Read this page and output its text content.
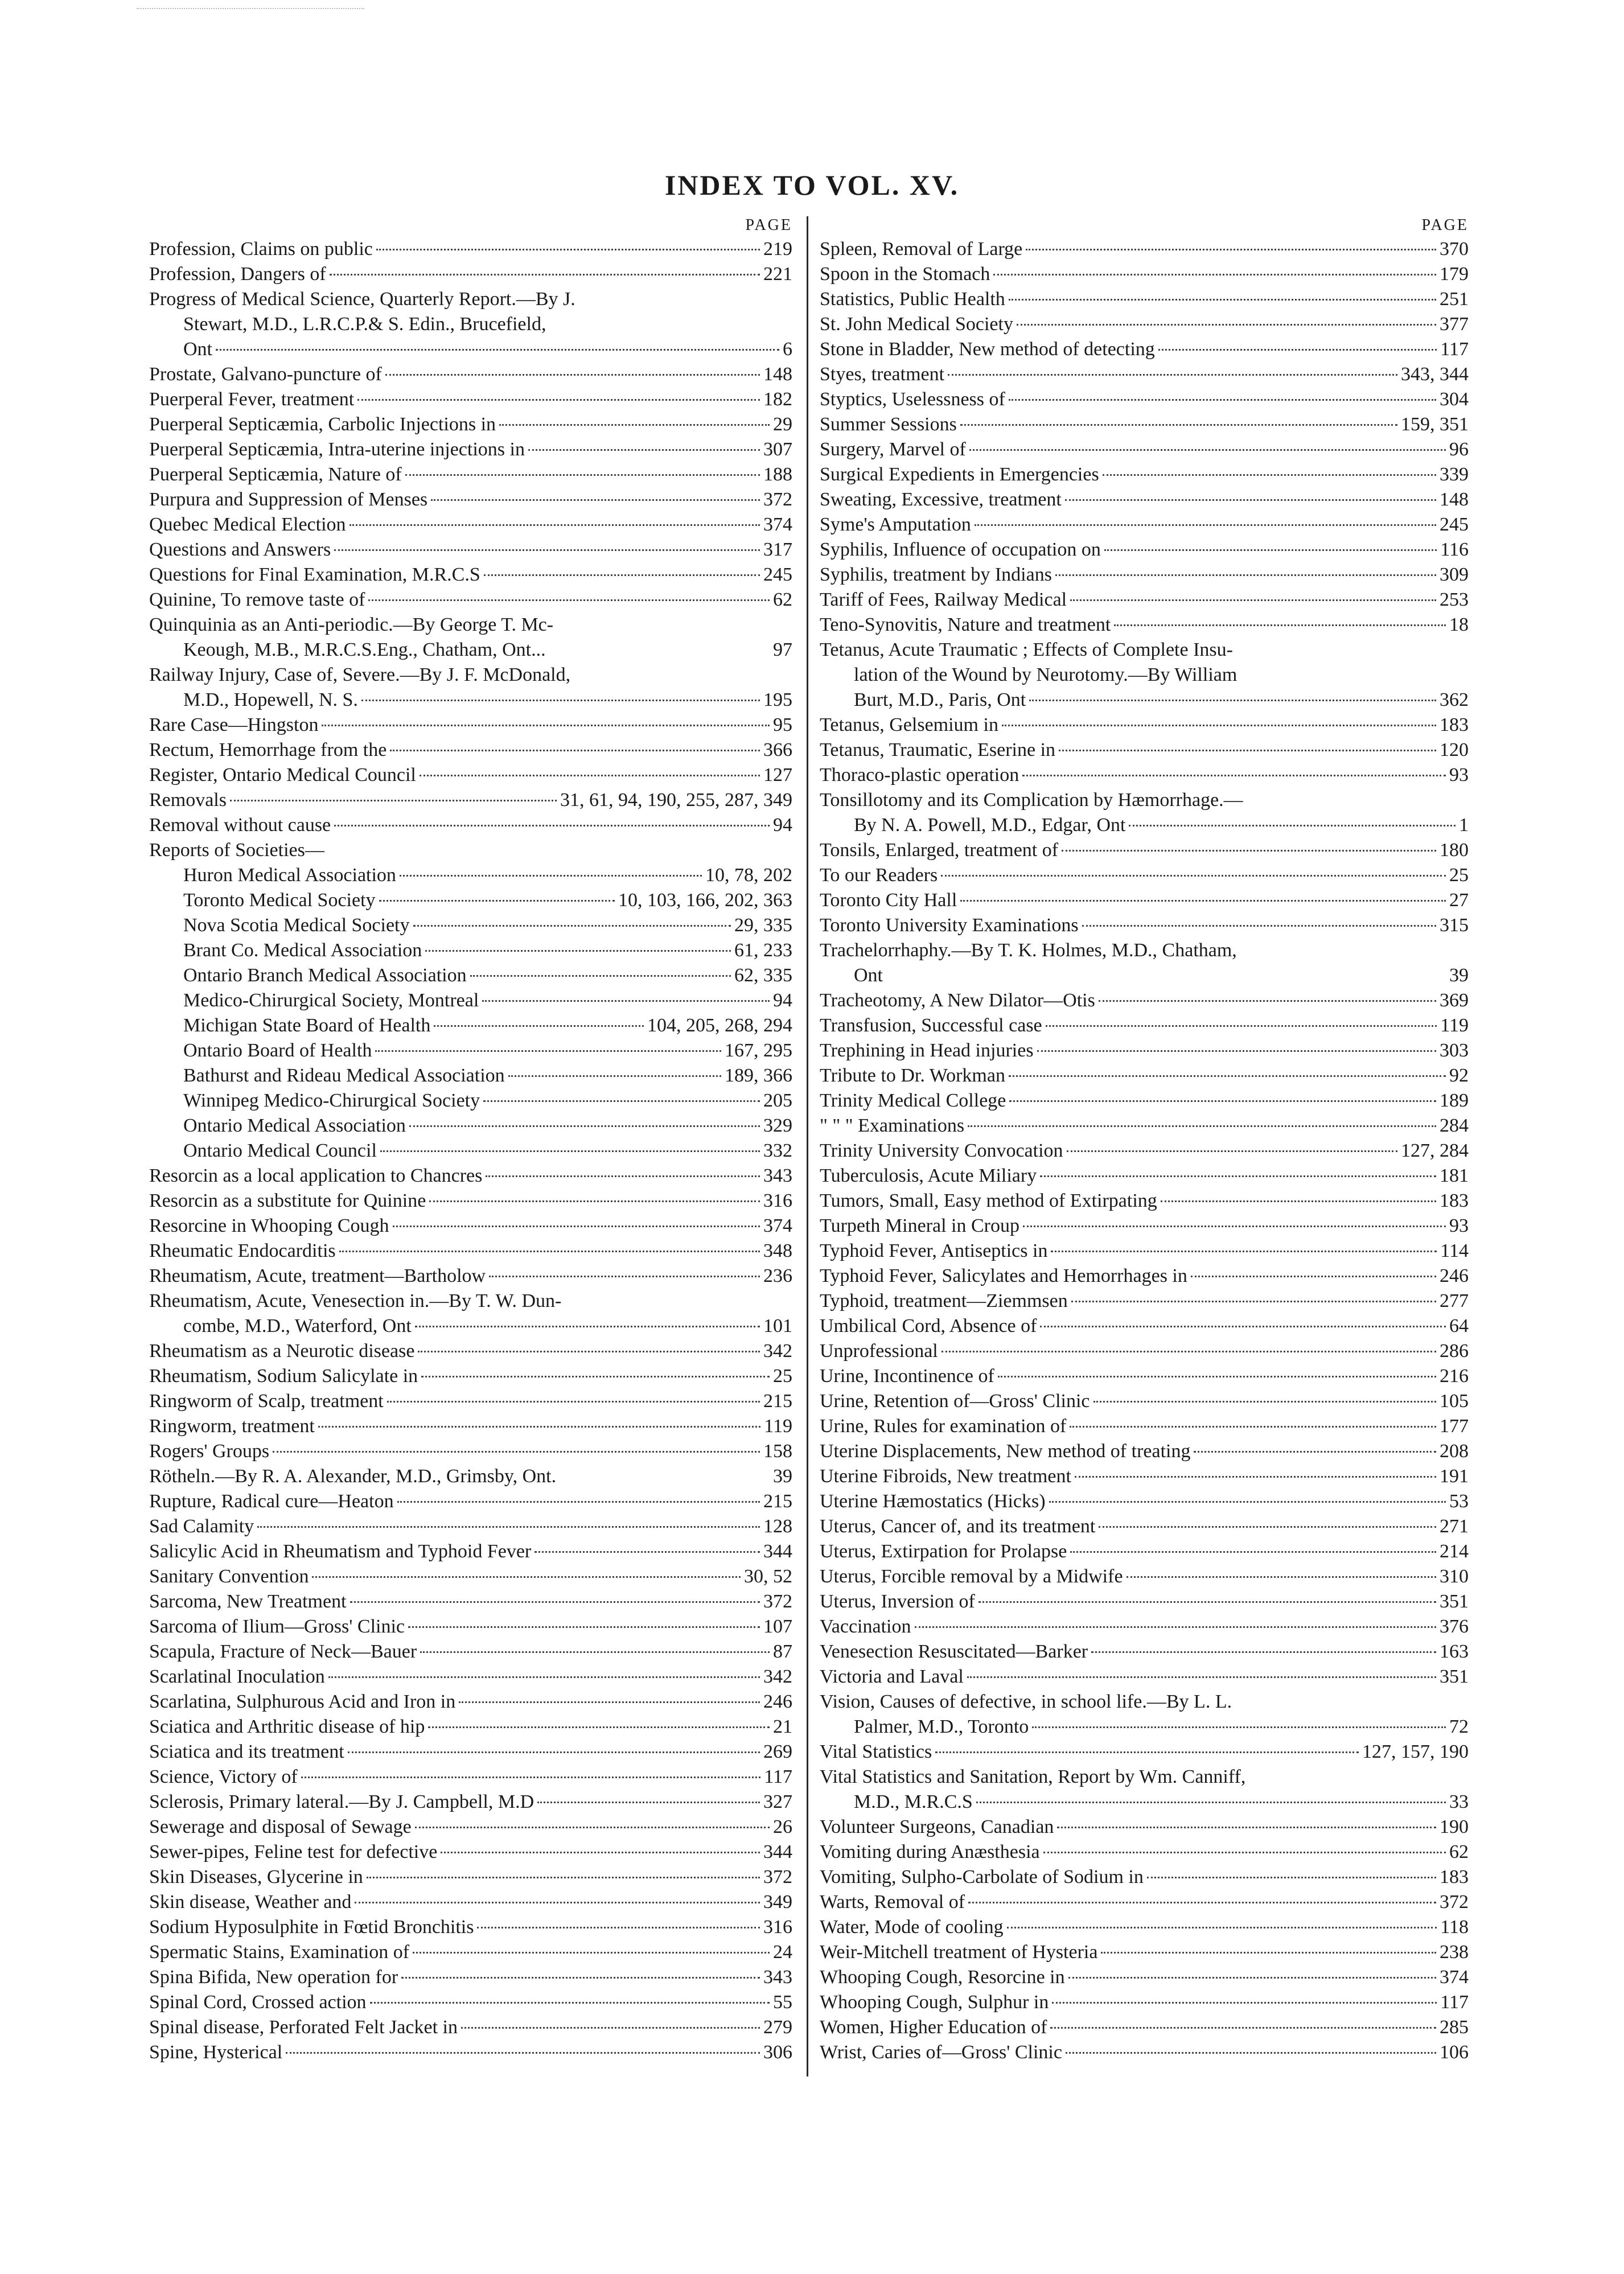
INDEX TO VOL. XV.
PAGE
Profession, Claims on public	219
Profession, Dangers of	221
Progress of Medical Science, Quarterly Report.—By J.
Stewart, M.D., L.R.C.P.& S. Edin., Brucefield,
Ont	6
Prostate, Galvano-puncture of	148
Puerperal Fever, treatment	182
Puerperal Septicæmia, Carbolic Injections in	29
Puerperal Septicæmia, Intra-uterine injections in	307
Puerperal Septicæmia, Nature of	188
Purpura and Suppression of Menses	372
Quebec Medical Election	374
Questions and Answers	317
Questions for Final Examination, M.R.C.S	245
Quinine, To remove taste of	62
Quinquinia as an Anti-periodic.—By George T. Mc-
Keough, M.B., M.R.C.S.Eng., Chatham, Ont...	97
Railway Injury, Case of, Severe.—By J. F. McDonald,
M.D., Hopewell, N. S.	195
Rare Case—Hingston	95
Rectum, Hemorrhage from the	366
Register, Ontario Medical Council	127
Removals	31, 61, 94, 190, 255, 287, 349
Removal without cause	94
Reports of Societies—
Huron Medical Association	10, 78, 202
Toronto Medical Society	10, 103, 166, 202, 363
Nova Scotia Medical Society	29, 335
Brant Co. Medical Association	61, 233
Ontario Branch Medical Association	62, 335
Medico-Chirurgical Society, Montreal	94
Michigan State Board of Health	104, 205, 268, 294
Ontario Board of Health	167, 295
Bathurst and Rideau Medical Association	189, 366
Winnipeg Medico-Chirurgical Society	205
Ontario Medical Association	329
Ontario Medical Council	332
Resorcin as a local application to Chancres	343
Resorcin as a substitute for Quinine	316
Resorcine in Whooping Cough	374
Rheumatic Endocarditis	348
Rheumatism, Acute, treatment—Bartholow	236
Rheumatism, Acute, Venesection in.—By T. W. Dun-
combe, M.D., Waterford, Ont	101
Rheumatism as a Neurotic disease	342
Rheumatism, Sodium Salicylate in	25
Ringworm of Scalp, treatment	215
Ringworm, treatment	119
Rogers' Groups	158
Rötheln.—By R. A. Alexander, M.D., Grimsby, Ont.	39
Rupture, Radical cure—Heaton	215
Sad Calamity	128
Salicylic Acid in Rheumatism and Typhoid Fever	344
Sanitary Convention	30, 52
Sarcoma, New Treatment	372
Sarcoma of Ilium—Gross' Clinic	107
Scapula, Fracture of Neck—Bauer	87
Scarlatinal Inoculation	342
Scarlatina, Sulphurous Acid and Iron in	246
Sciatica and Arthritic disease of hip	21
Sciatica and its treatment	269
Science, Victory of	117
Sclerosis, Primary lateral.—By J. Campbell, M.D	327
Sewerage and disposal of Sewage	26
Sewer-pipes, Feline test for defective	344
Skin Diseases, Glycerine in	372
Skin disease, Weather and	349
Sodium Hyposulphite in Fœtid Bronchitis	316
Spermatic Stains, Examination of	24
Spina Bifida, New operation for	343
Spinal Cord, Crossed action	55
Spinal disease, Perforated Felt Jacket in	279
Spine, Hysterical	306
PAGE
Spleen, Removal of Large	370
Spoon in the Stomach	179
Statistics, Public Health	251
St. John Medical Society	377
Stone in Bladder, New method of detecting	117
Styes, treatment	343, 344
Styptics, Uselessness of	304
Summer Sessions	159, 351
Surgery, Marvel of	96
Surgical Expedients in Emergencies	339
Sweating, Excessive, treatment	148
Syme's Amputation	245
Syphilis, Influence of occupation on	116
Syphilis, treatment by Indians	309
Tariff of Fees, Railway Medical	253
Teno-Synovitis, Nature and treatment	18
Tetanus, Acute Traumatic ; Effects of Complete Insu-
lation of the Wound by Neurotomy.—By William
Burt, M.D., Paris, Ont	362
Tetanus, Gelsemium in	183
Tetanus, Traumatic, Eserine in	120
Thoraco-plastic operation	93
Tonsillotomy and its Complication by Hæmorrhage.—
By N. A. Powell, M.D., Edgar, Ont	1
Tonsils, Enlarged, treatment of	180
To our Readers	25
Toronto City Hall	27
Toronto University Examinations	315
Trachelorrhaphy.—By T. K. Holmes, M.D., Chatham,
Ont	39
Tracheotomy, A New Dilator—Otis	369
Transfusion, Successful case	119
Trephining in Head injuries	303
Tribute to Dr. Workman	92
Trinity Medical College	189
" " " Examinations	284
Trinity University Convocation	127, 284
Tuberculosis, Acute Miliary	181
Tumors, Small, Easy method of Extirpating	183
Turpeth Mineral in Croup	93
Typhoid Fever, Antiseptics in	114
Typhoid Fever, Salicylates and Hemorrhages in	246
Typhoid, treatment—Ziemmsen	277
Umbilical Cord, Absence of	64
Unprofessional	286
Urine, Incontinence of	216
Urine, Retention of—Gross' Clinic	105
Urine, Rules for examination of	177
Uterine Displacements, New method of treating	208
Uterine Fibroids, New treatment	191
Uterine Hæmostatics (Hicks)	53
Uterus, Cancer of, and its treatment	271
Uterus, Extirpation for Prolapse	214
Uterus, Forcible removal by a Midwife	310
Uterus, Inversion of	351
Vaccination	376
Venesection Resuscitated—Barker	163
Victoria and Laval	351
Vision, Causes of defective, in school life.—By L. L.
Palmer, M.D., Toronto	72
Vital Statistics	127, 157, 190
Vital Statistics and Sanitation, Report by Wm. Canniff,
M.D., M.R.C.S	33
Volunteer Surgeons, Canadian	190
Vomiting during Anæsthesia	62
Vomiting, Sulpho-Carbolate of Sodium in	183
Warts, Removal of	372
Water, Mode of cooling	118
Weir-Mitchell treatment of Hysteria	238
Whooping Cough, Resorcine in	374
Whooping Cough, Sulphur in	117
Women, Higher Education of	285
Wrist, Caries of—Gross' Clinic	106
